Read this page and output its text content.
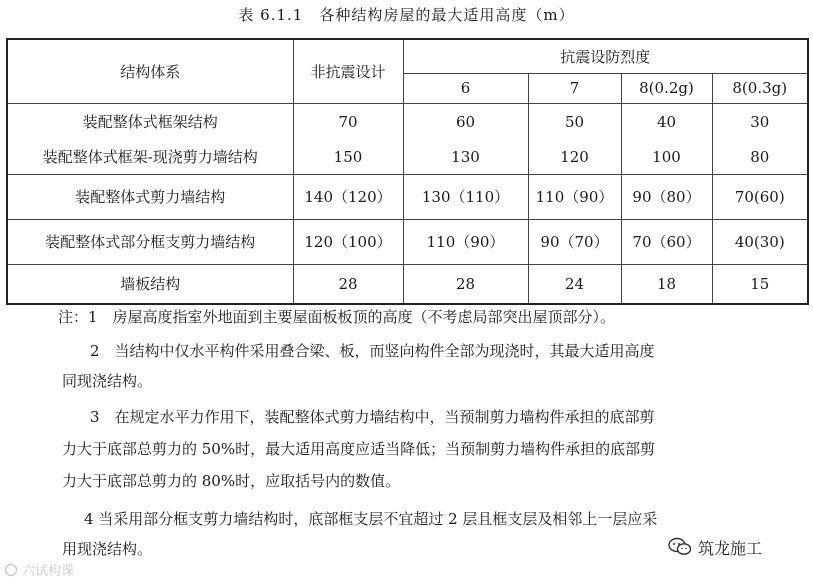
表 6.1.1　各种结构房屋的最大适用高度（m）
结构体系	非抗震设计	抗震设防烈度			
		6	7	8(0.2g)	8(0.3g)
装配整体式框架结构	70	60	50	40	30
装配整体式框架-现浇剪力墙结构	150	130	120	100	80
装配整体式剪力墙结构	140（120）	130（110）	110（90）	90（80）	70(60)
装配整体式部分框支剪力墙结构	120（100）	110（90）	90（70）	70（60）	40(30)
墙板结构	28	28	24	18	15
注：1　房屋高度指室外地面到主要屋面板板顶的高度（不考虑局部突出屋顶部分）。
2　当结构中仅水平构件采用叠合梁、板，而竖向构件全部为现浇时，其最大适用高度
同现浇结构。
3　在规定水平力作用下，装配整体式剪力墙结构中，当预制剪力墙构件承担的底部剪
力大于底部总剪力的 50%时，最大适用高度应适当降低；当预制剪力墙构件承担的底部剪
力大于底部总剪力的 80%时，应取括号内的数值。
4 当采用部分框支剪力墙结构时，底部框支层不宜超过 2 层且框支层及相邻上一层应采
用现浇结构。	筑龙施工
六试构课
